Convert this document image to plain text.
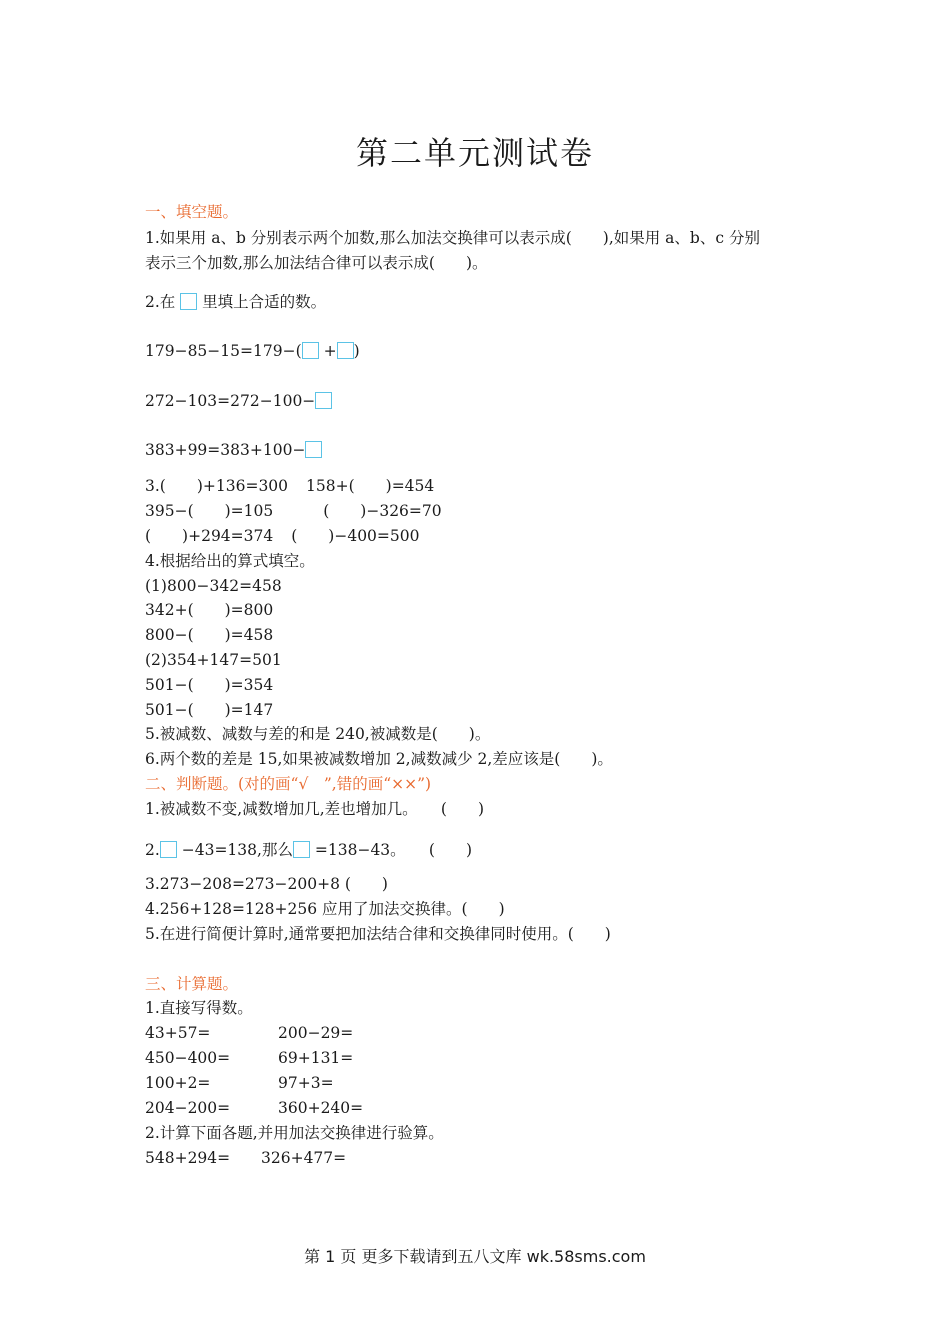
第二单元测试卷
一、填空题。
1.如果用 a、b 分别表示两个加数,那么加法交换律可以表示成(　　),如果用 a、b、c 分别
表示三个加数,那么加法结合律可以表示成(　　)。
2.在 里填上合适的数。
179−85−15=179−( + )
272−103=272−100−
383+99=383+100−
3.(　　)+136=300 158+(　　)=454
395−(　　)=105	(　　)−326=70
(　　)+294=374 (　　)−400=500
4.根据给出的算式填空。
(1)800−342=458
342+(　　)=800
800−(　　)=458
(2)354+147=501
501−(　　)=354
501−(　　)=147
5.被减数、减数与差的和是 240,被减数是(　　)。
6.两个数的差是 15,如果被减数增加 2,减数减少 2,差应该是(　　)。
二、判断题。(对的画“√　”,错的画“××”)
1.被减数不变,减数增加几,差也增加几。　　(　　)
2. −43=138,那么 =138−43。　　(　　)
3.273−208=273−200+8 (　　)
4.256+128=128+256 应用了加法交换律。(　　)
5.在进行简便计算时,通常要把加法结合律和交换律同时使用。(　　)
三、计算题。
1.直接写得数。
43+57=	200−29=
450−400=	69+131=
100+2=	97+3=
204−200=	360+240=
2.计算下面各题,并用加法交换律进行验算。
548+294= 326+477=
第 1 页 更多下载请到五八文库 wk.58sms.com
